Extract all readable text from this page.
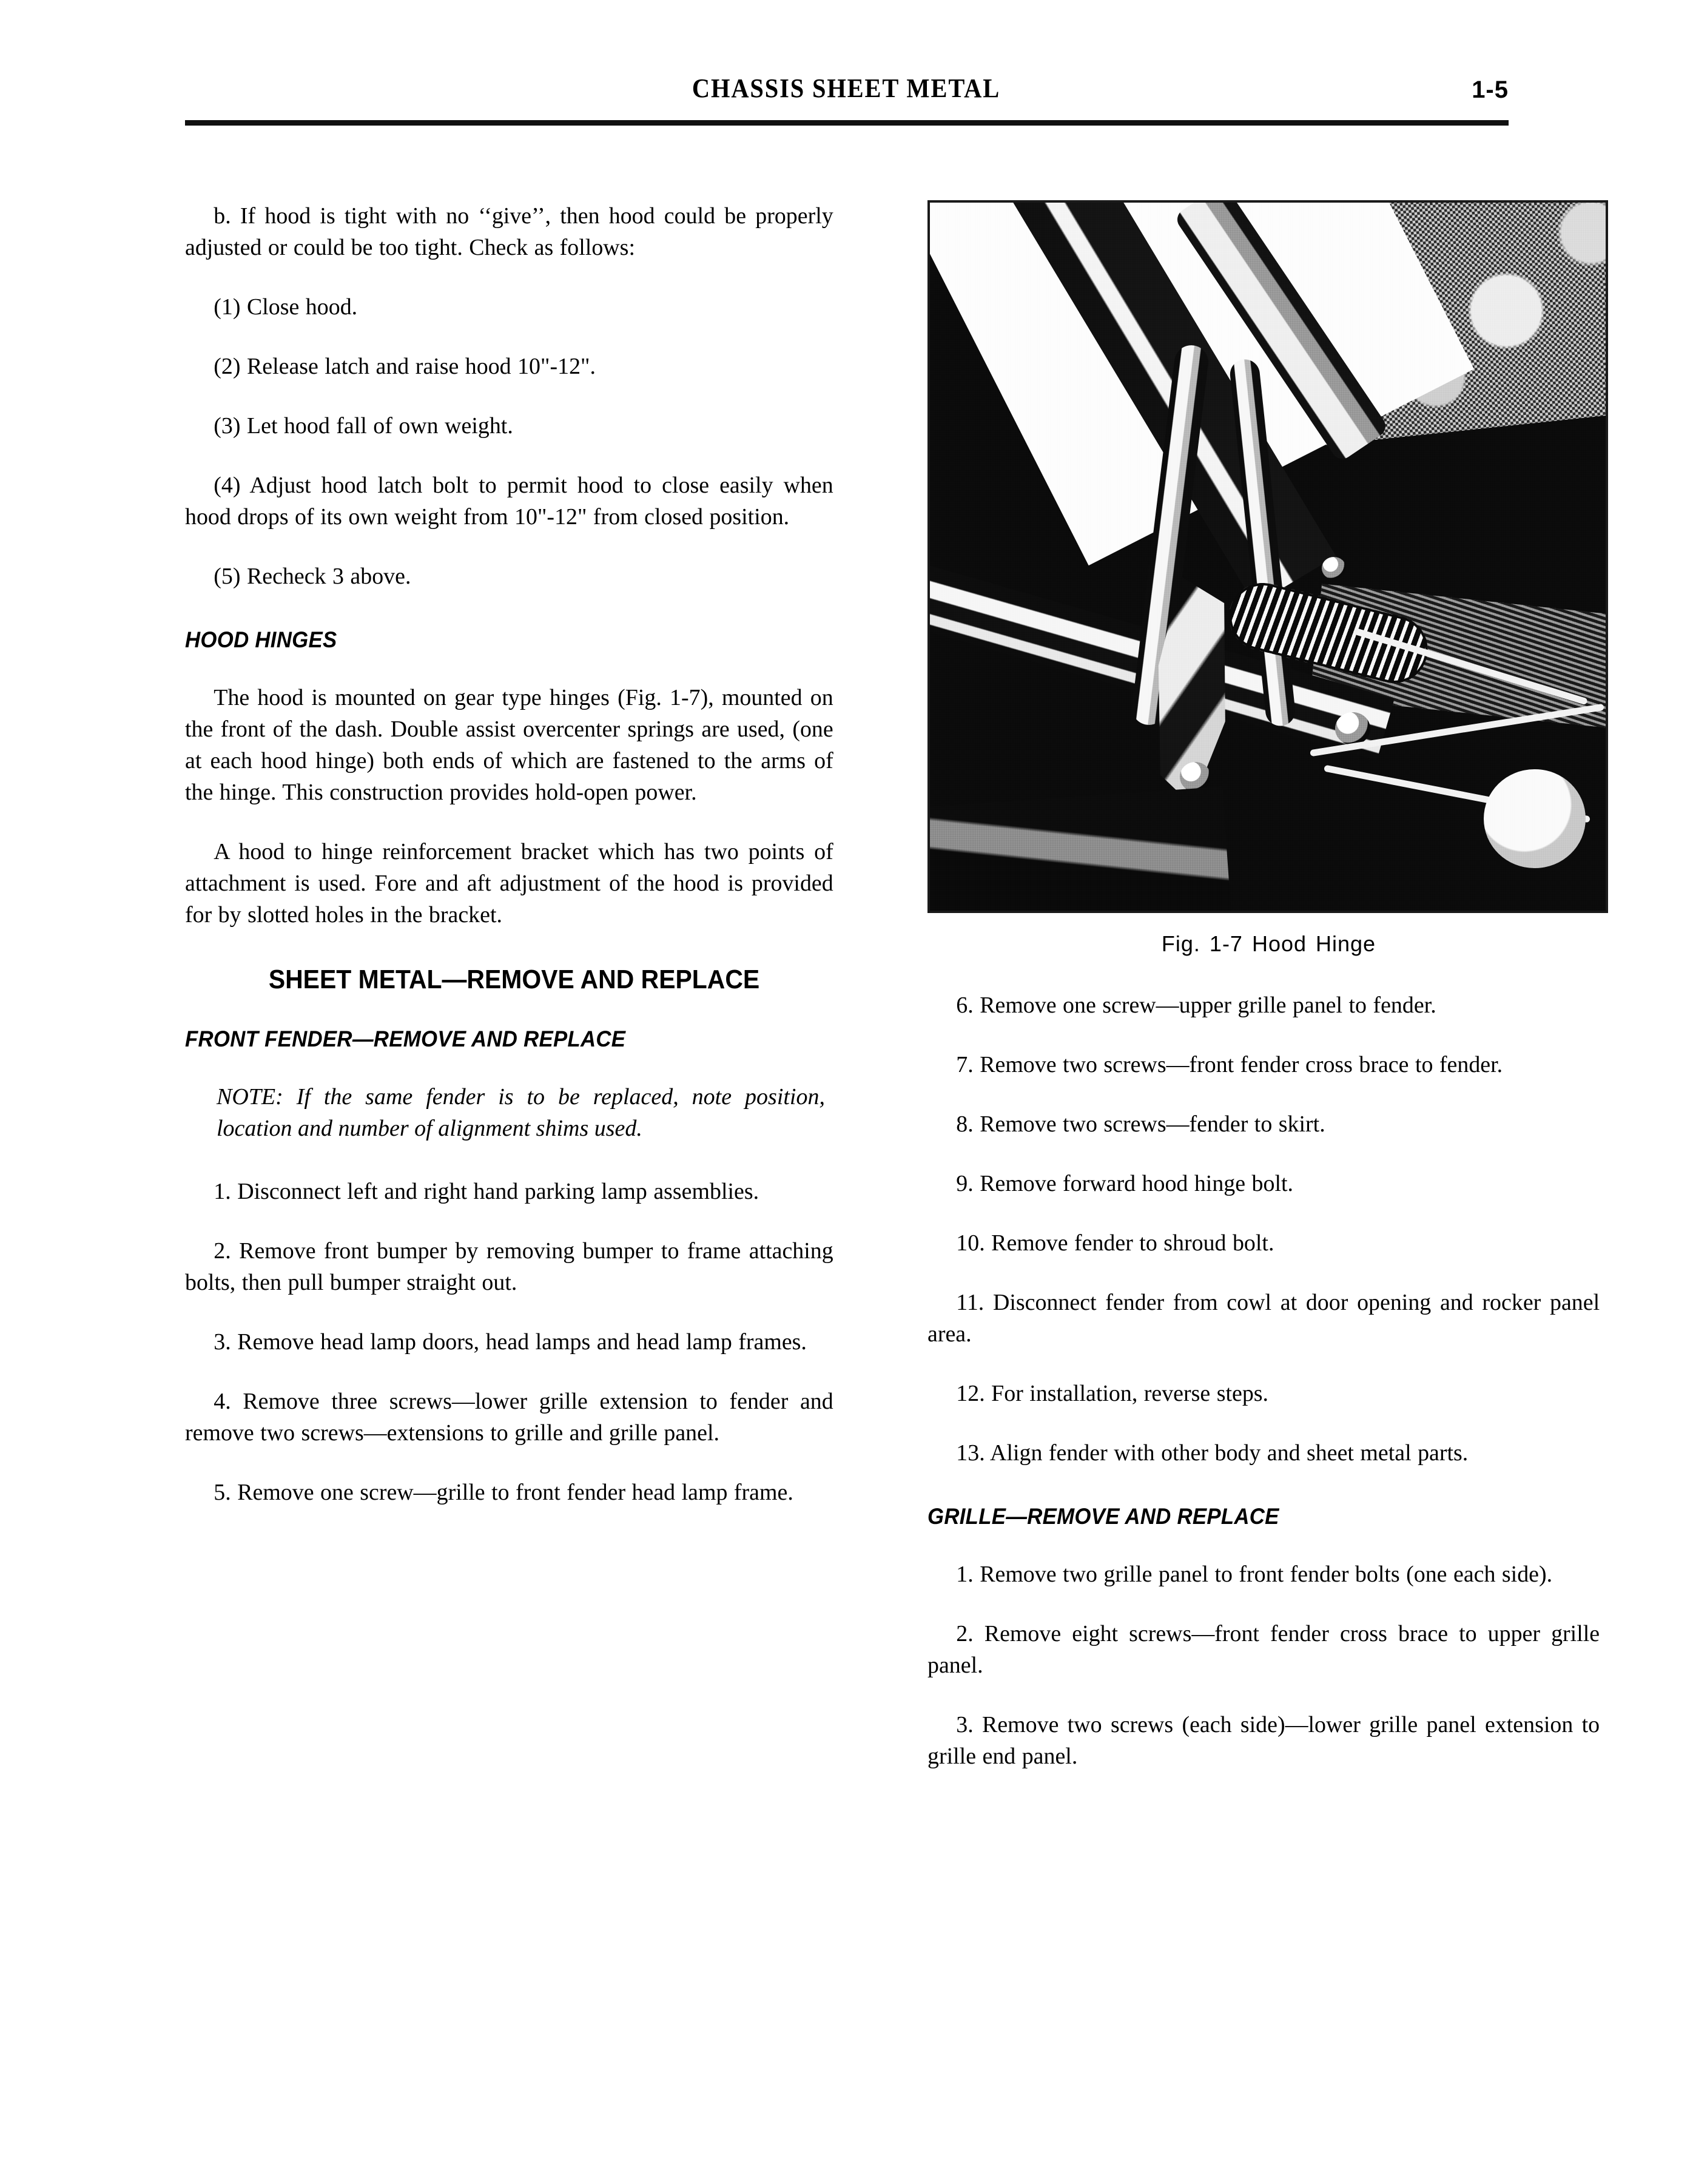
CHASSIS SHEET METAL	1-5

b. If hood is tight with no ‘‘give’’, then hood could be properly adjusted or could be too tight. Check as follows:

(1) Close hood.

(2) Release latch and raise hood 10"-12".

(3) Let hood fall of own weight.

(4) Adjust hood latch bolt to permit hood to close easily when hood drops of its own weight from 10"-12" from closed position.

(5) Recheck 3 above.

HOOD HINGES

The hood is mounted on gear type hinges (Fig. 1-7), mounted on the front of the dash. Double assist overcenter springs are used, (one at each hood hinge) both ends of which are fastened to the arms of the hinge. This construction provides hold-open power.

A hood to hinge reinforcement bracket which has two points of attachment is used. Fore and aft adjustment of the hood is provided for by slotted holes in the bracket.

SHEET METAL—REMOVE AND REPLACE
FRONT FENDER—REMOVE AND REPLACE

NOTE: If the same fender is to be replaced, note position, location and number of alignment shims used.

1. Disconnect left and right hand parking lamp assemblies.

2. Remove front bumper by removing bumper to frame attaching bolts, then pull bumper straight out.

3. Remove head lamp doors, head lamps and head lamp frames.

4. Remove three screws—lower grille extension to fender and remove two screws—extensions to grille and grille panel.

5. Remove one screw—grille to front fender head lamp frame.

Fig. 1-7 Hood Hinge

6. Remove one screw—upper grille panel to fender.

7. Remove two screws—front fender cross brace to fender.

8. Remove two screws—fender to skirt.

9. Remove forward hood hinge bolt.

10. Remove fender to shroud bolt.

11. Disconnect fender from cowl at door opening and rocker panel area.

12. For installation, reverse steps.

13. Align fender with other body and sheet metal parts.

GRILLE—REMOVE AND REPLACE

1. Remove two grille panel to front fender bolts (one each side).

2. Remove eight screws—front fender cross brace to upper grille panel.

3. Remove two screws (each side)—lower grille panel extension to grille end panel.
